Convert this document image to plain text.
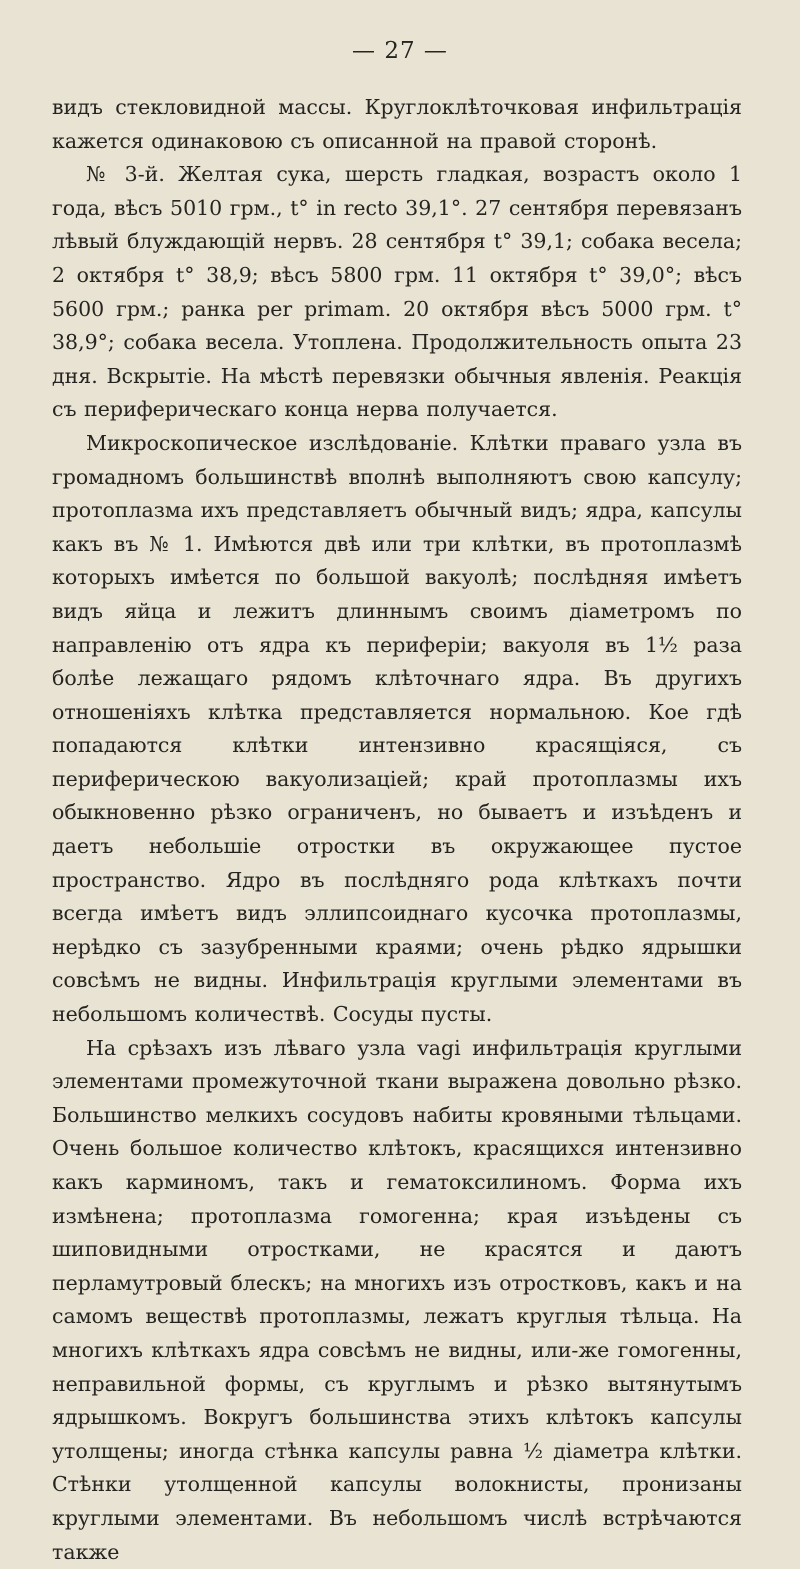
— 27 —

видъ стекловидной массы. Круглоклѣточковая инфильтрація кажется одинаковою съ описанной на правой сторонѣ.

№ 3-й. Желтая сука, шерсть гладкая, возрастъ около 1 года, вѣсъ 5010 грм., t° in recto 39,1°. 27 сентября перевязанъ лѣвый блуждающій нервъ. 28 сентября t° 39,1; собака весела; 2 октября t° 38,9; вѣсъ 5800 грм. 11 октября t° 39,0°; вѣсъ 5600 грм.; ранка per primam. 20 октября вѣсъ 5000 грм. t° 38,9°; собака весела. Утоплена. Продолжительность опыта 23 дня. Вскрытіе. На мѣстѣ перевязки обычныя явленія. Реакція съ периферическаго конца нерва получается.

Микроскопическое изслѣдованіе. Клѣтки праваго узла въ громадномъ большинствѣ вполнѣ выполняютъ свою капсулу; протоплазма ихъ представляетъ обычный видъ; ядра, капсулы какъ въ № 1. Имѣются двѣ или три клѣтки, въ протоплазмѣ которыхъ имѣется по большой вакуолѣ; послѣдняя имѣетъ видъ яйца и лежитъ длиннымъ своимъ діаметромъ по направленію отъ ядра къ периферіи; вакуоля въ 1½ раза болѣе лежащаго рядомъ клѣточнаго ядра. Въ другихъ отношеніяхъ клѣтка представляется нормальною. Кое гдѣ попадаются клѣтки интензивно красящіяся, съ периферическою вакуолизаціей; край протоплазмы ихъ обыкновенно рѣзко ограниченъ, но бываетъ и изъѣденъ и даетъ небольшіе отростки въ окружающее пустое пространство. Ядро въ послѣдняго рода клѣткахъ почти всегда имѣетъ видъ эллипсоиднаго кусочка протоплазмы, нерѣдко съ зазубренными краями; очень рѣдко ядрышки совсѣмъ не видны. Инфильтрація круглыми элементами въ небольшомъ количествѣ. Сосуды пусты.

На срѣзахъ изъ лѣваго узла vagi инфильтрація круглыми элементами промежуточной ткани выражена довольно рѣзко. Большинство мелкихъ сосудовъ набиты кровяными тѣльцами. Очень большое количество клѣтокъ, красящихся интензивно какъ карминомъ, такъ и гематоксилиномъ. Форма ихъ измѣнена; протоплазма гомогенна; края изъѣдены съ шиповидными отростками, не красятся и даютъ перламутровый блескъ; на многихъ изъ отростковъ, какъ и на самомъ веществѣ протоплазмы, лежатъ круглыя тѣльца. На многихъ клѣткахъ ядра совсѣмъ не видны, или-же гомогенны, неправильной формы, съ круглымъ и рѣзко вытянутымъ ядрышкомъ. Вокругъ большинства этихъ клѣтокъ капсулы утолщены; иногда стѣнка капсулы равна ½ діаметра клѣтки. Стѣнки утолщенной капсулы волокнисты, пронизаны круглыми элементами. Въ небольшомъ числѣ встрѣчаются также
